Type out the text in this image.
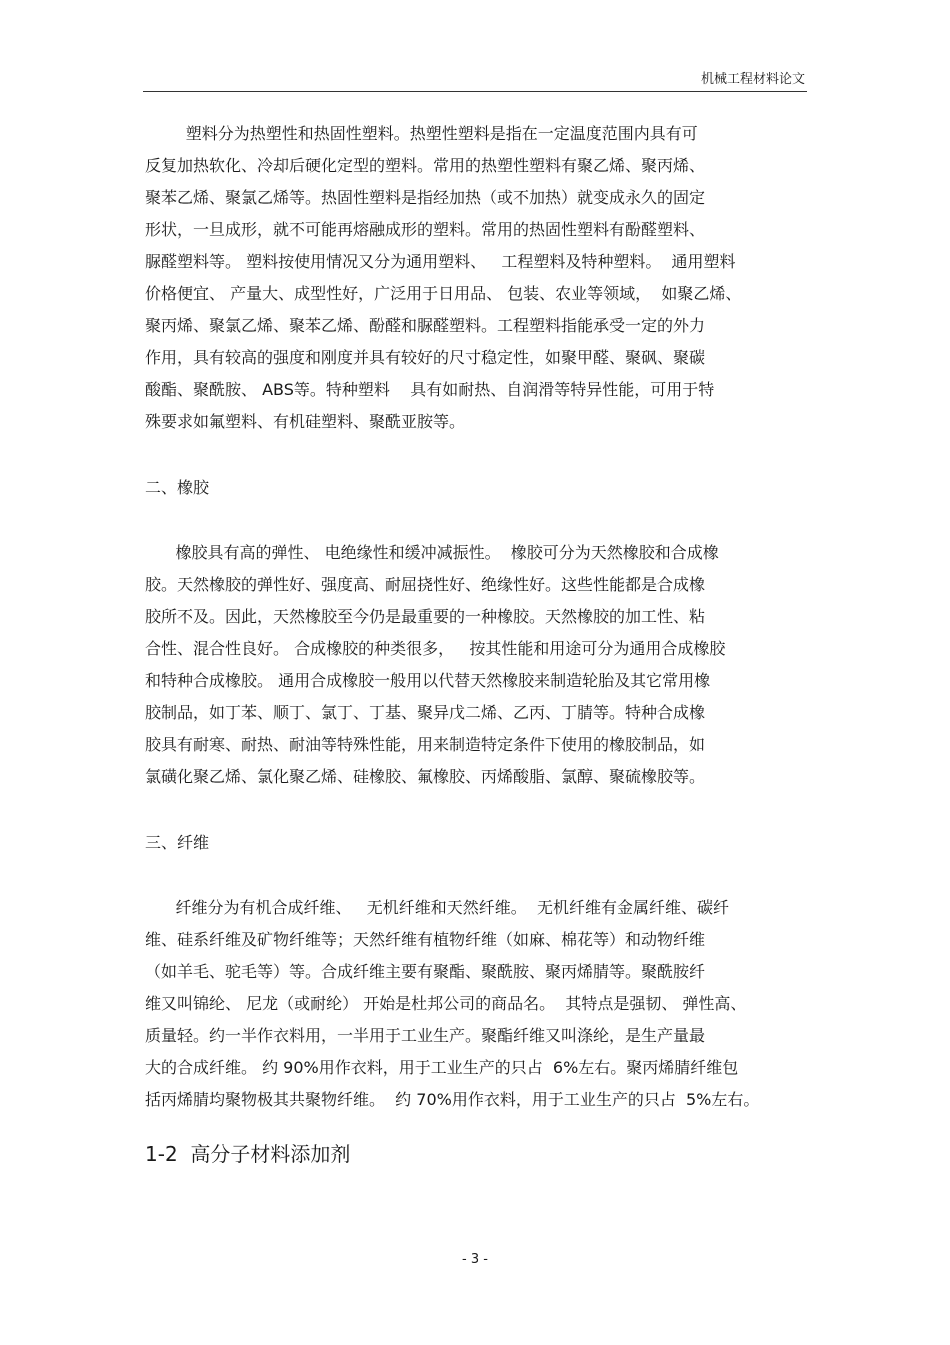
机械工程材料论文
塑料分为热塑性和热固性塑料。热塑性塑料是指在一定温度范围内具有可
反复加热软化、冷却后硬化定型的塑料。常用的热塑性塑料有聚乙烯、聚丙烯、
聚苯乙烯、聚氯乙烯等。热固性塑料是指经加热（或不加热）就变成永久的固定
形状，一旦成形，就不可能再熔融成形的塑料。常用的热固性塑料有酚醛塑料、
脲醛塑料等。 塑料按使用情况又分为通用塑料、   工程塑料及特种塑料。  通用塑料
价格便宜、 产量大、成型性好，广泛用于日用品、 包装、农业等领域，  如聚乙烯、
聚丙烯、聚氯乙烯、聚苯乙烯、酚醛和脲醛塑料。工程塑料指能承受一定的外力
作用，具有较高的强度和刚度并具有较好的尺寸稳定性，如聚甲醛、聚砜、聚碳
酸酯、聚酰胺、 ABS等。特种塑料    具有如耐热、自润滑等特异性能，可用于特
殊要求如氟塑料、有机硅塑料、聚酰亚胺等。
二、橡胶
橡胶具有高的弹性、 电绝缘性和缓冲减振性。  橡胶可分为天然橡胶和合成橡
胶。天然橡胶的弹性好、强度高、耐屈挠性好、绝缘性好。这些性能都是合成橡
胶所不及。因此，天然橡胶至今仍是最重要的一种橡胶。天然橡胶的加工性、粘
合性、混合性良好。 合成橡胶的种类很多，   按其性能和用途可分为通用合成橡胶
和特种合成橡胶。 通用合成橡胶一般用以代替天然橡胶来制造轮胎及其它常用橡
胶制品，如丁苯、顺丁、氯丁、丁基、聚异戊二烯、乙丙、丁腈等。特种合成橡
胶具有耐寒、耐热、耐油等特殊性能，用来制造特定条件下使用的橡胶制品，如
氯磺化聚乙烯、氯化聚乙烯、硅橡胶、氟橡胶、丙烯酸脂、氯醇、聚硫橡胶等。
三、纤维
纤维分为有机合成纤维、   无机纤维和天然纤维。  无机纤维有金属纤维、碳纤
维、硅系纤维及矿物纤维等；天然纤维有植物纤维（如麻、棉花等）和动物纤维
（如羊毛、驼毛等）等。合成纤维主要有聚酯、聚酰胺、聚丙烯腈等。聚酰胺纤
维又叫锦纶、 尼龙（或耐纶） 开始是杜邦公司的商品名。  其特点是强韧、 弹性高、
质量轻。约一半作衣料用，一半用于工业生产。聚酯纤维又叫涤纶，是生产量最
大的合成纤维。 约 90%用作衣料，用于工业生产的只占  6%左右。聚丙烯腈纤维包
括丙烯腈均聚物极其共聚物纤维。  约 70%用作衣料，用于工业生产的只占  5%左右。
1-2  高分子材料添加剂
- 3 -
